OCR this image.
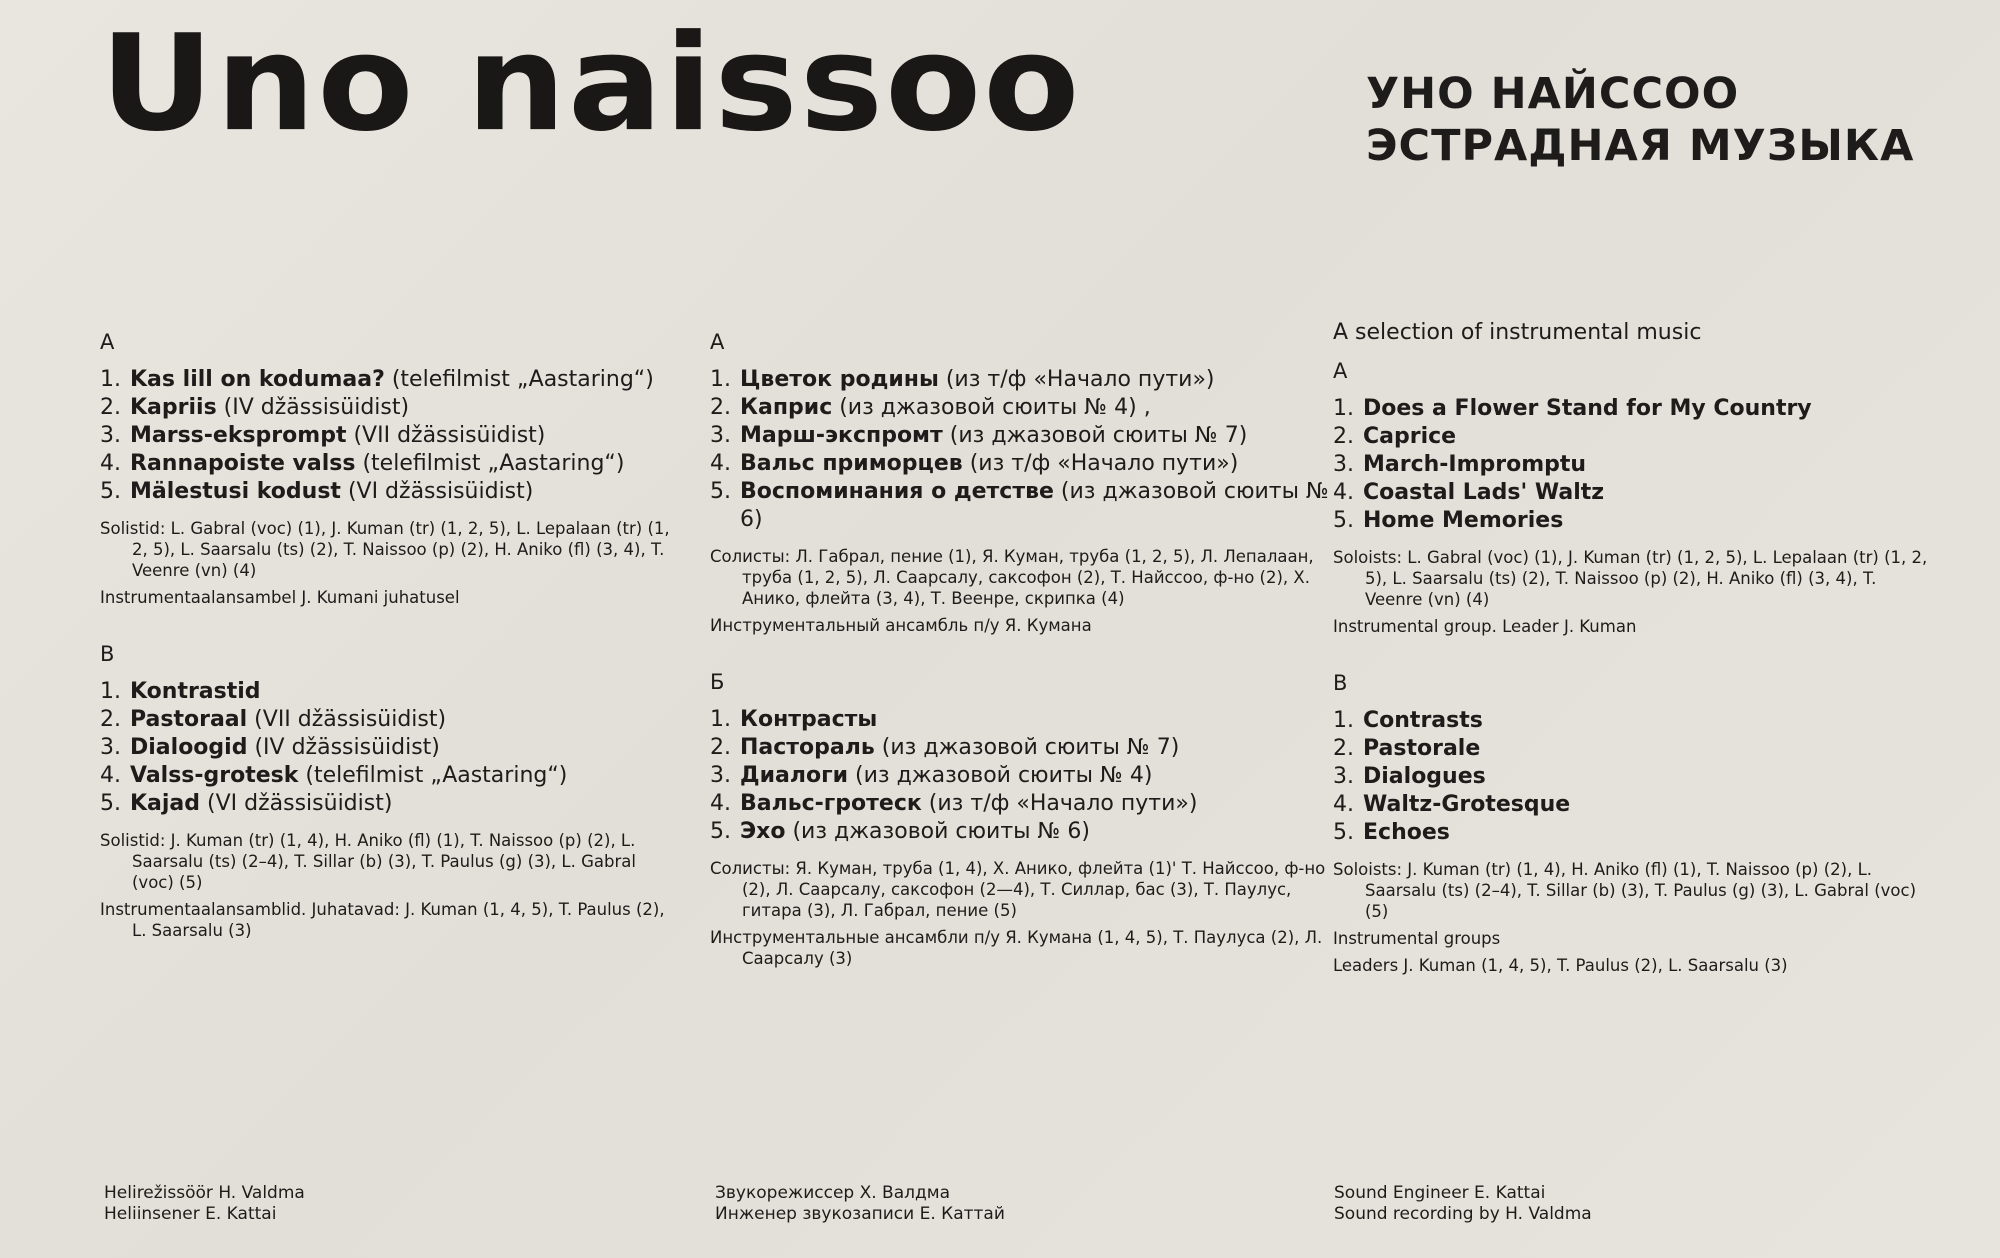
Uno naissoo	УНО НАЙССОО
ЭСТРАДНАЯ МУЗЫКА
A
1. Kas lill on kodumaa? (telefilmist „Aastaring“)
2. Kapriis (IV džässisüidist)
3. Marss-eksprompt (VII džässisüidist)
4. Rannapoiste valss (telefilmist „Aastaring“)
5. Mälestusi kodust (VI džässisüidist)
Solistid: L. Gabral (voc) (1), J. Kuman (tr) (1, 2, 5), L. Lepalaan (tr) (1, 2, 5), L. Saarsalu (ts) (2), T. Naissoo (p) (2), H. Aniko (fl) (3, 4), T. Veenre (vn) (4)
Instrumentaalansambel J. Kumani juhatusel
B
1. Kontrastid
2. Pastoraal (VII džässisüidist)
3. Dialoogid (IV džässisüidist)
4. Valss-grotesk (telefilmist „Aastaring“)
5. Kajad (VI džässisüidist)
Solistid: J. Kuman (tr) (1, 4), H. Aniko (fl) (1), T. Naissoo (p) (2), L. Saarsalu (ts) (2–4), T. Sillar (b) (3), T. Paulus (g) (3), L. Gabral (voc) (5)
Instrumentaalansamblid. Juhatavad: J. Kuman (1, 4, 5), T. Paulus (2), L. Saarsalu (3)
А
1. Цветок родины (из т/ф «Начало пути»)
2. Каприс (из джазовой сюиты № 4) ,
3. Марш-экспромт (из джазовой сюиты № 7)
4. Вальс приморцев (из т/ф «Начало пути»)
5. Воспоминания о детстве (из джазовой сюиты № 6)
Солисты: Л. Габрал, пение (1), Я. Куман, труба (1, 2, 5), Л. Лепалаан, труба (1, 2, 5), Л. Саарсалу, саксофон (2), Т. Найссоо, ф-но (2), Х. Анико, флейта (3, 4), Т. Веенре, скрипка (4)
Инструментальный ансамбль п/у Я. Кумана
Б
1. Контрасты
2. Пастораль (из джазовой сюиты № 7)
3. Диалоги (из джазовой сюиты № 4)
4. Вальс-гротеск (из т/ф «Начало пути»)
5. Эхо (из джазовой сюиты № 6)
Солисты: Я. Куман, труба (1, 4), Х. Анико, флейта (1)' Т. Найссоо, ф-но (2), Л. Саарсалу, саксофон (2—4), Т. Силлар, бас (3), Т. Паулус, гитара (3), Л. Габрал, пение (5)
Инструментальные ансамбли п/у Я. Кумана (1, 4, 5), Т. Паулуса (2), Л. Саарсалу (3)
A selection of instrumental music
A
1. Does a Flower Stand for My Country
2. Caprice
3. March-Impromptu
4. Coastal Lads' Waltz
5. Home Memories
Soloists: L. Gabral (voc) (1), J. Kuman (tr) (1, 2, 5), L. Lepalaan (tr) (1, 2, 5), L. Saarsalu (ts) (2), T. Naissoo (p) (2), H. Aniko (fl) (3, 4), T. Veenre (vn) (4)
Instrumental group. Leader J. Kuman
B
1. Contrasts
2. Pastorale
3. Dialogues
4. Waltz-Grotesque
5. Echoes
Soloists: J. Kuman (tr) (1, 4), H. Aniko (fl) (1), T. Naissoo (p) (2), L. Saarsalu (ts) (2–4), T. Sillar (b) (3), T. Paulus (g) (3), L. Gabral (voc) (5)
Instrumental groups
Leaders J. Kuman (1, 4, 5), T. Paulus (2), L. Saarsalu (3)
Helirežissöör H. Valdma
Heliinsener E. Kattai
Звукорежиссер Х. Валдма
Инженер звукозаписи Е. Каттай
Sound Engineer E. Kattai
Sound recording by H. Valdma
